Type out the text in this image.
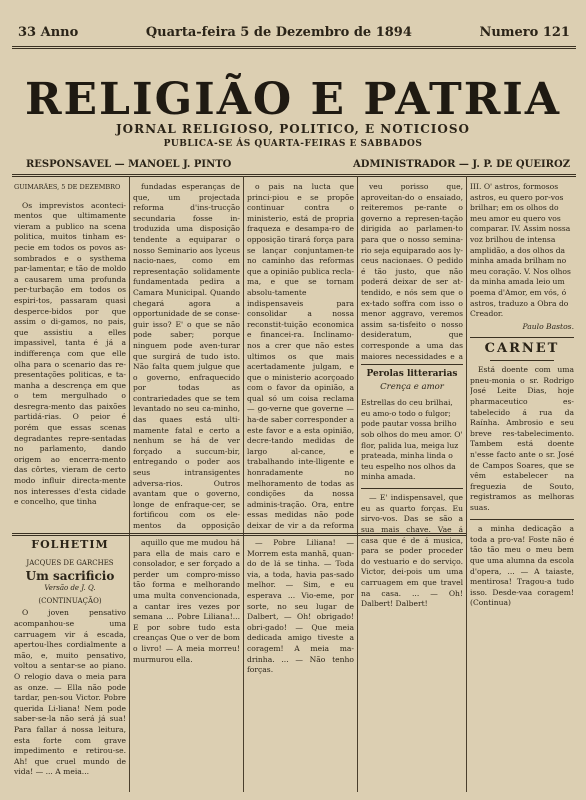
33 Anno	Quarta-feira 5 de Dezembro de 1894	Numero 121
RELIGIÃO E PATRIA
JORNAL RELIGIOSO, POLITICO, E NOTICIOSO
PUBLICA-SE ÁS QUARTA-FEIRAS E SABBADOS
RESPONSAVEL — MANOEL J. PINTO	ADMINISTRADOR — J. P. DE QUEIROZ

GUIMARÃES, 5 DE DEZEMBRO

Os imprevistos aconteci-mentos que ultimamente vieram a publico na scena politica, muitos tinham es-pecie em todos os povos as-sombrados e o systhema par-lamentar, e tão de moldo a causarem uma profunda per-turbação em todos os espiri-tos, passaram quasi desperce-bidos por que assim o di-gamos, no pais, que assistiu a elles impassivel, tanta é já a indifferença com que elle olha para o scenario das re-presentações politicas, e ta-manha a descrença em que o tem mergulhado o desregra-mento das paixões partidá-rias. O peior é porém que essas scenas degradantes repre-sentadas no parlamento, dando origem ao encerra-mento das côrtes, vieram de certo modo influir directa-mente nos interesses d'esta cidade e concelho, que tinha

fundadas esperanças de que, um projectada reforma d'ins-trucção secundaria fosse in-troduzida uma disposição tendente a equiparar o nosso Seminario aos lyceus nacio-naes, como em representação solidamente fundamentada pedira a Camara Municipal. Quando chegará agora a opportunidade de se conse-guir isso? E' o que se não pode saber; porque ninguem pode aven-turar que surgirá de tudo isto. Não falta quem julgue que o governo, enfraquecido por todas as contrariedades que se tem levantado no seu ca-minho, das quaes está ulti-mamente fatal e certo a nenhum se há de ver forçado a succum-bir, entregando o poder aos seus intransigentes adversa-rios. Outros avantam que o governo, longe de enfraque-cer, se fortificou com os ele-mentos da opposição

o pais na lucta que princi-piou e se propõe continuar contra o ministerio, está de propria fraqueza e desampa-ro de opposição tirará força para se lançar conjuntamen-te no caminho das reformas que a opinião publica recla-ma, e que se tornam absolu-tamente indispensaveis para consolidar a nossa reconstit-tuição economica e financei-ra. Inclinamo-nos a crer que não estes ultimos os que mais acertadamente julgam, e que o ministerio acorçoado com o favor da opinião, a qual só um coisa reclama — go-verne que governe — ha-de saber corresponder a este favor e a esta opinião, decre-tando medidas de largo al-cance, e trabalhando inte-lligente e honradamente no melhoramento de todas as condições da nossa adminis-tração. Ora, entre essas medidas não pode deixar de vir a da reforma

veu porisso que, aproveitan-do o ensaiado, reiteremos pe-rante o governo a represen-tação dirigida ao parlamen-to para que o nosso semina-rio seja equiparado aos ly-ceus nacionaes. O pedido é tão justo, que não poderá deixar de ser at-tendido, e nós sem que o ex-tado soffra com isso o menor aggravo, veremos assim sa-tisfeito o nosso desideratum, que corresponde a uma das maiores necessidades e a

Perolas litterarias
Crença e amor

Estrellas do ceu brilhai, eu amo-o todo o fulgor; pode pautar vossa brilho sob olhos do meu amor. O' flor, palida lua, meiga luz prateada, minha linda o teu espelho nos olhos da minha amada.

— E' indispensavel, que eu as quarto forças. Eu sirvo-vos. Das se são a sua mais chave. Vae á casa que é de á musica, para se poder proceder do vestuario e do serviço. Victor, dei-pois um uma carruagem em que travel na casa. ... — Oh! Dalbert! Dalbert!

III. O' astros, formosos astros, eu quero por-vos brilhar; em os olhos do meu amor eu quero vos comparar. IV. Assim nossa voz brilhou de intensa amplidão, a dos olhos da minha amada brilham no meu coração. V. Nos olhos da minha amada leio um poema d'Amor, em vós, ó astros, traduzo a Obra do Creador.

Paulo Bastos.

CARNET

Está doente com uma pneu-monia o sr. Rodrigo José Leite Dias, hoje pharmaceutico es-tabelecido á rua da Raínha. Ambrosio e seu breve res-tabelecimento. Tambem está doente n'esse facto ante o sr. José de Campos Soares, que se vêm estabelecer na freguezia de Souto, registramos as melhoras suas.

a minha dedicação a toda a pro-va! Foste não é tão tão meu o meu bem que uma alumna da escola d'opera, ... — A taiaste, mentirosa! Tragou-a tudo isso. Desde-vaa coragem! (Continua)

FOLHETIM

JACQUES DE GARCHES

Um sacrificio

Versão de J. Q.

(CONTINUAÇÃO)

O joven pensativo acompanhou-se uma carruagem vir á escada, apertou-lhes cordialmente a mão, e, muito pensativo, voltou a sentar-se ao piano. O relogio dava o meia para as onze. — Ella não pode tardar, pen-sou Victor. Pobre querida Li-liana! Nem pode saber-se-la não será já sua! Para fallar á nossa leitura, esta forte com grave impedimento e retirou-se. Ah! que cruel mundo de vida! — ... A meia...

aquillo que me mudou há para ella de mais caro e consolador, e ser forçado a perder um compro-misso tão forma e melhorando uma multa convencionada, a cantar ires vezes por semana ... Pobre Liliana!... E por sobre tudo esta creanças Que o ver de bom o livro! — A meia morreu! murmurou ella.

— Pobre Liliana! — Morrem esta manhã, quan-do de lá se tinha. — Toda via, a toda, havia pas-sado melhor. — Sim, e eu esperava ... Vio-eme, por sorte, no seu lugar de Dalbert, — Oh! obrigado! obri-gado! — Que meia dedicada amigo tiveste a coragem! A meia ma-drinha. ... — Não tenho forças.
